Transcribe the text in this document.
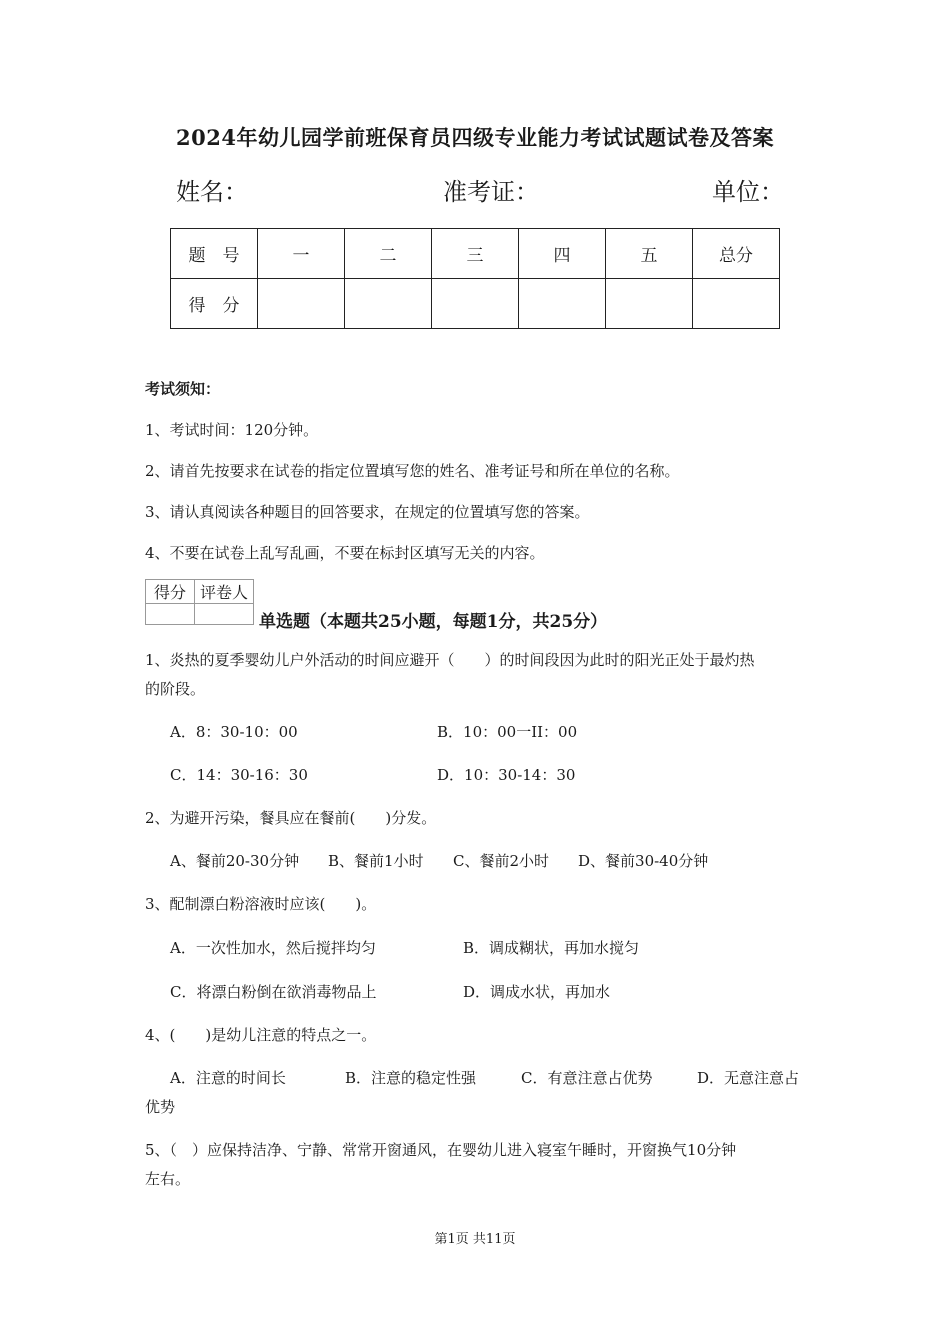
2024年幼儿园学前班保育员四级专业能力考试试题试卷及答案
姓名：	准考证：	单位：
题　号	一	二	三	四	五	总分
得　分						
考试须知：
1、考试时间：120分钟。
2、请首先按要求在试卷的指定位置填写您的姓名、准考证号和所在单位的名称。
3、请认真阅读各种题目的回答要求，在规定的位置填写您的答案。
4、不要在试卷上乱写乱画，不要在标封区填写无关的内容。
得分	评卷人

单选题（本题共25小题，每题1分，共25分）
1、炎热的夏季婴幼儿户外活动的时间应避开（　　）的时间段因为此时的阳光正处于最灼热
的阶段。
A．8：30-10：00	B．10：00一II：00
C．14：30-16：30	D．10：30-14：30
2、为避开污染，餐具应在餐前(　　)分发。
A、餐前20-30分钟 B、餐前1小时 C、餐前2小时 D、餐前30-40分钟
3、配制漂白粉溶液时应该(　　)。
A．一次性加水，然后搅拌均匀	B．调成糊状，再加水搅匀
C．将漂白粉倒在欲消毒物品上	D．调成水状，再加水
4、(　　)是幼儿注意的特点之一。
A．注意的时间长	B．注意的稳定性强	C．有意注意占优势	D．无意注意占
优势
5、（　）应保持洁净、宁静、常常开窗通风，在婴幼儿进入寝室午睡时，开窗换气10分钟
左右。
第1页 共11页
